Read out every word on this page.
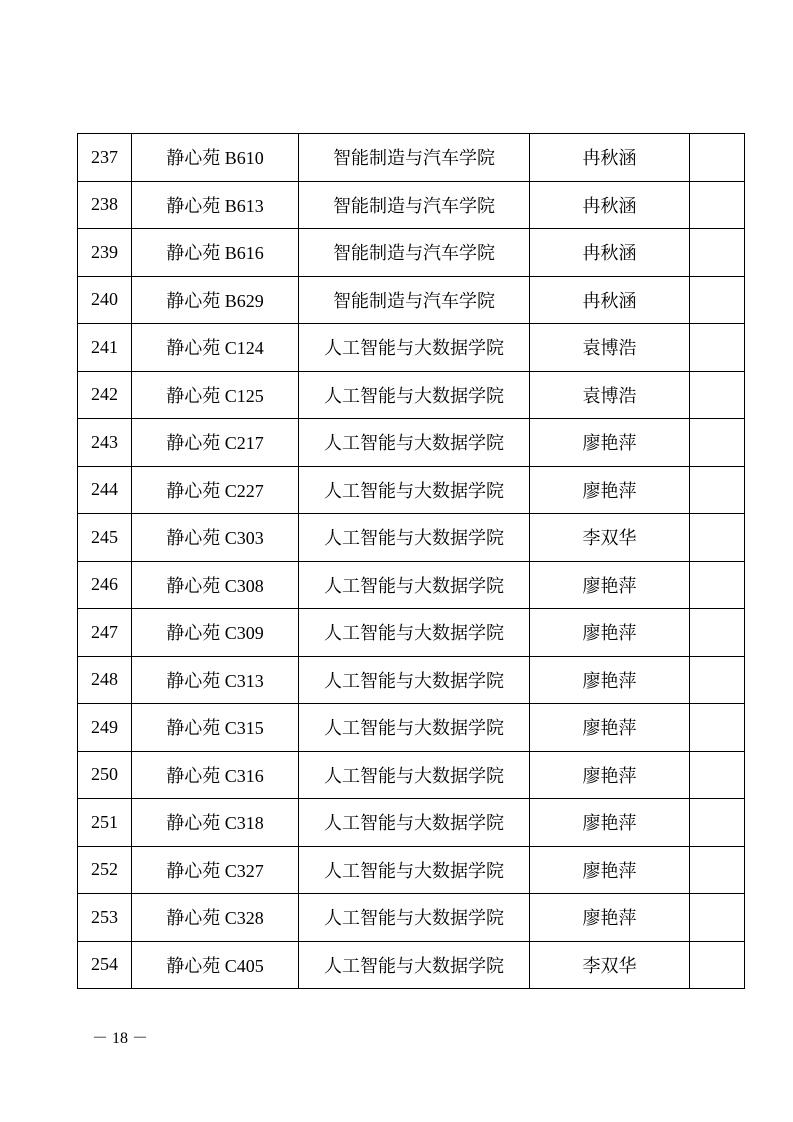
237	静心苑 B610	智能制造与汽车学院	冉秋涵	
238	静心苑 B613	智能制造与汽车学院	冉秋涵	
239	静心苑 B616	智能制造与汽车学院	冉秋涵	
240	静心苑 B629	智能制造与汽车学院	冉秋涵	
241	静心苑 C124	人工智能与大数据学院	袁博浩	
242	静心苑 C125	人工智能与大数据学院	袁博浩	
243	静心苑 C217	人工智能与大数据学院	廖艳萍	
244	静心苑 C227	人工智能与大数据学院	廖艳萍	
245	静心苑 C303	人工智能与大数据学院	李双华	
246	静心苑 C308	人工智能与大数据学院	廖艳萍	
247	静心苑 C309	人工智能与大数据学院	廖艳萍	
248	静心苑 C313	人工智能与大数据学院	廖艳萍	
249	静心苑 C315	人工智能与大数据学院	廖艳萍	
250	静心苑 C316	人工智能与大数据学院	廖艳萍	
251	静心苑 C318	人工智能与大数据学院	廖艳萍	
252	静心苑 C327	人工智能与大数据学院	廖艳萍	
253	静心苑 C328	人工智能与大数据学院	廖艳萍	
254	静心苑 C405	人工智能与大数据学院	李双华	
－ 18 －
